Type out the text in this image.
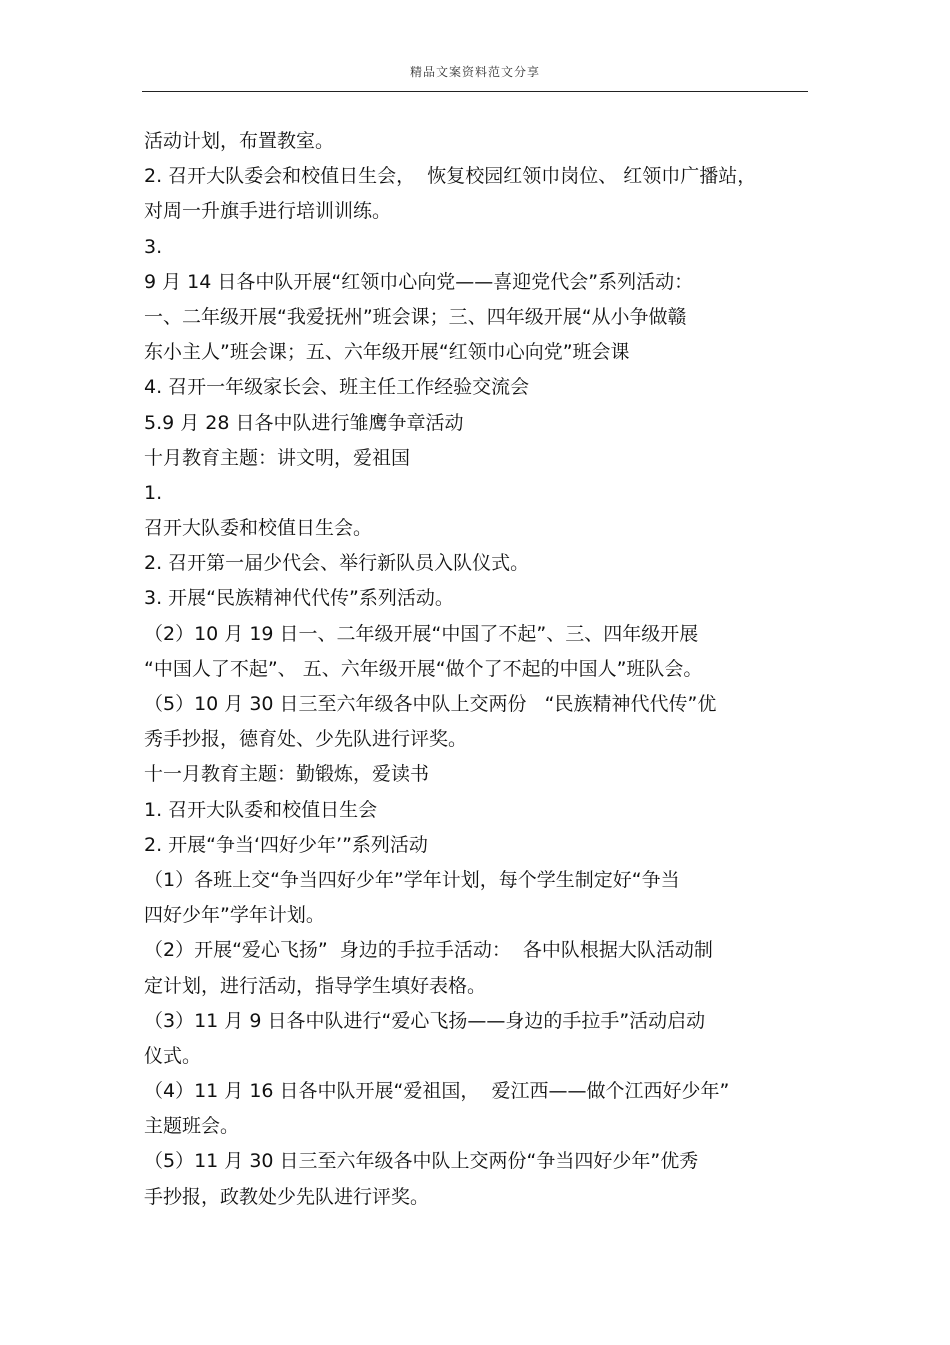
精品文案资料范文分享
活动计划，布置教室。
2. 召开大队委会和校值日生会，  恢复校园红领巾岗位、 红领巾广播站，
对周一升旗手进行培训训练。
3.
9 月 14 日各中队开展“红领巾心向党——喜迎党代会”系列活动：
一、二年级开展“我爱抚州”班会课；三、四年级开展“从小争做赣
东小主人”班会课；五、六年级开展“红领巾心向党”班会课
4. 召开一年级家长会、班主任工作经验交流会
5.9 月 28 日各中队进行雏鹰争章活动
十月教育主题：讲文明，爱祖国
1.
召开大队委和校值日生会。
2. 召开第一届少代会、举行新队员入队仪式。
3. 开展“民族精神代代传”系列活动。
（2）10 月 19 日一、二年级开展“中国了不起”、三、四年级开展
“中国人了不起”、 五、六年级开展“做个了不起的中国人”班队会。
（5）10 月 30 日三至六年级各中队上交两份   “民族精神代代传”优
秀手抄报，德育处、少先队进行评奖。
十一月教育主题：勤锻炼，爱读书
1. 召开大队委和校值日生会
2. 开展“争当‘四好少年’”系列活动
（1）各班上交“争当四好少年”学年计划，每个学生制定好“争当
四好少年”学年计划。
（2）开展“爱心飞扬”  身边的手拉手活动：  各中队根据大队活动制
定计划，进行活动，指导学生填好表格。
（3）11 月 9 日各中队进行“爱心飞扬——身边的手拉手”活动启动
仪式。
（4）11 月 16 日各中队开展“爱祖国，  爱江西——做个江西好少年”
主题班会。
（5）11 月 30 日三至六年级各中队上交两份“争当四好少年”优秀
手抄报，政教处少先队进行评奖。
